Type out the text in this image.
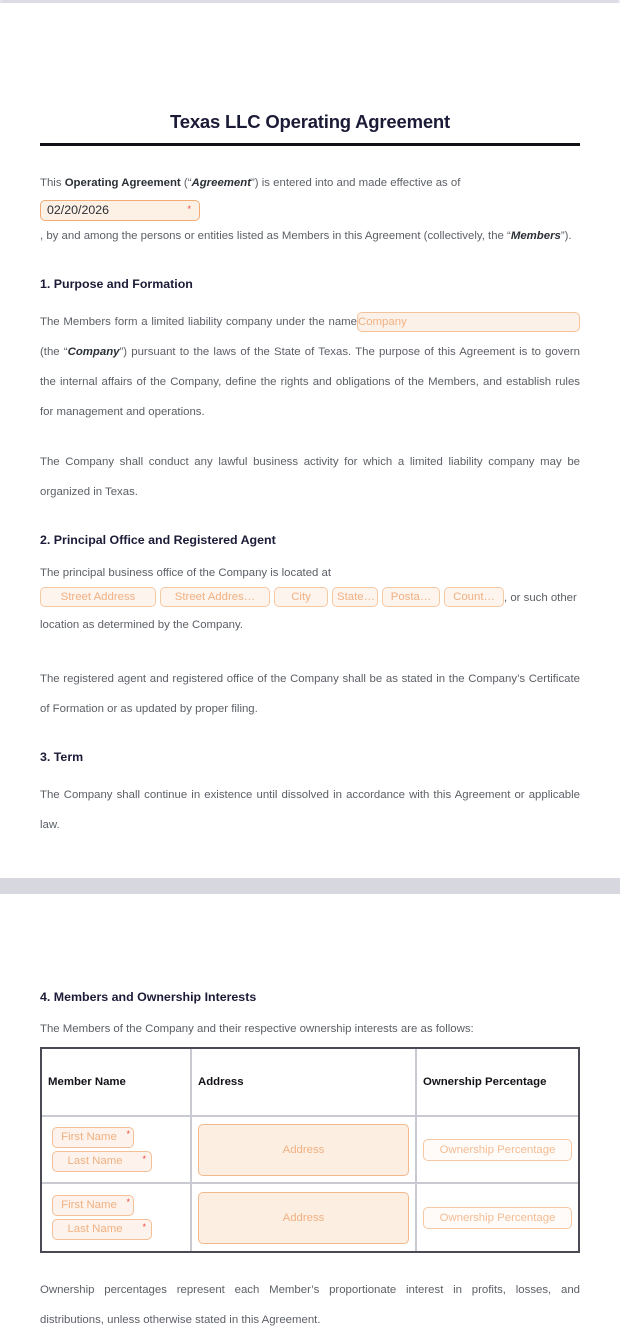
Texas LLC Operating Agreement

This Operating Agreement (“Agreement”) is entered into and made effective as of
02/20/2026	*
, by and among the persons or entities listed as Members in this Agreement (collectively, the “Members”).

1. Purpose and Formation

The Members form a limited liability company under the nameCompany (the “Company”) pursuant to the laws of the State of Texas. The purpose of this Agreement is to govern the internal affairs of the Company, define the rights and obligations of the Members, and establish rules for management and operations.

The Company shall conduct any lawful business activity for which a limited liability company may be organized in Texas.

2. Principal Office and Registered Agent

The principal business office of the Company is located at

Street Address	Street Addres…	City State… Posta… Count… , or such other location as determined by the Company.

The registered agent and registered office of the Company shall be as stated in the Company’s Certificate of Formation or as updated by proper filing.

3. Term

The Company shall continue in existence until dissolved in accordance with this Agreement or applicable law.

4. Members and Ownership Interests

The Members of the Company and their respective ownership interests are as follows:

Member Name	Address	Ownership Percentage

First Name *
Last Name *	Address	Ownership Percentage

First Name *
Last Name *	Address	Ownership Percentage

Ownership percentages represent each Member’s proportionate interest in profits, losses, and distributions, unless otherwise stated in this Agreement.
